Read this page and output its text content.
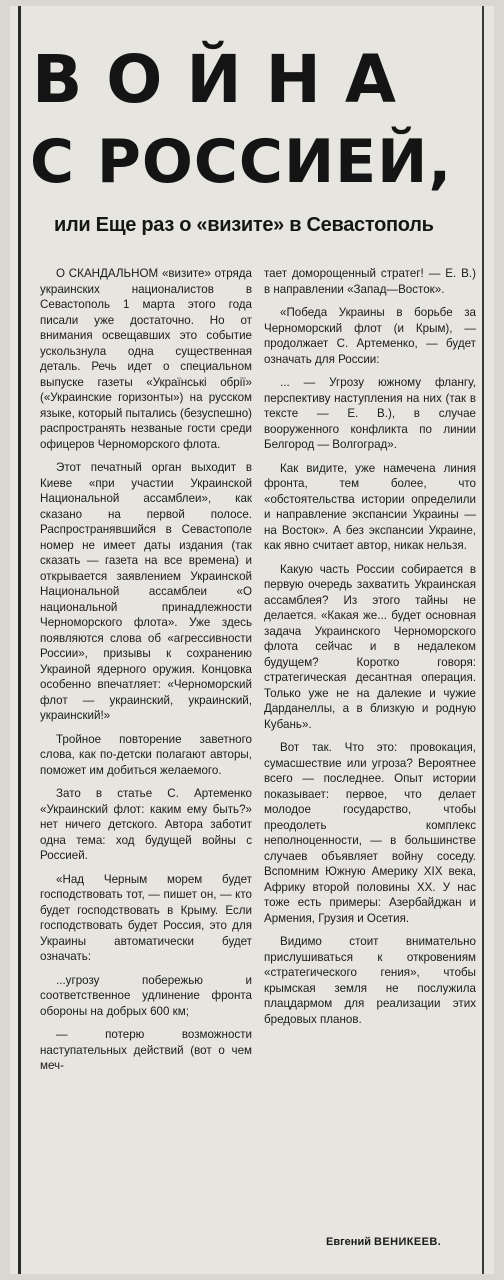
ВОЙНА
С РОССИЕЙ,
или Еще раз о «визите» в Севастополь

О СКАНДАЛЬНОМ «визите» отряда украинских националистов в Севастополь 1 марта этого года писали уже достаточно. Но от внимания освещавших это событие ускользнула одна существенная деталь. Речь идет о специальном выпуске газеты «Українські обрії» («Украинские горизонты») на русском языке, который пытались (безуспешно) распространять незваные гости среди офицеров Черноморского флота.

Этот печатный орган выходит в Киеве «при участии Украинской Национальной ассамблеи», как сказано на первой полосе. Распространявшийся в Севастополе номер не имеет даты издания (так сказать — газета на все времена) и открывается заявлением Украинской Национальной ассамблеи «О национальной принадлежности Черноморского флота». Уже здесь появляются слова об «агрессивности России», призывы к сохранению Украиной ядерного оружия. Концовка особенно впечатляет: «Черноморский флот — украинский, украинский, украинский!»

Тройное повторение заветного слова, как по-детски полагают авторы, поможет им добиться желаемого.

Зато в статье С. Артеменко «Украинский флот: каким ему быть?» нет ничего детского. Автора заботит одна тема: ход будущей войны с Россией.

«Над Черным морем будет господствовать тот, — пишет он, — кто будет господствовать в Крыму. Если господствовать будет Россия, это для Украины автоматически будет означать:

...угрозу побережью и соответственное удлинение фронта обороны на добрых 600 км;

— потерю возможности наступательных действий (вот о чем меч-

тает доморощенный стратег! — Е. В.) в направлении «Запад—Восток».

«Победа Украины в борьбе за Черноморский флот (и Крым), — продолжает С. Артеменко, — будет означать для России:

... — Угрозу южному флангу, перспективу наступления на них (так в тексте — Е. В.), в случае вооруженного конфликта по линии Белгород — Волгоград».

Как видите, уже намечена линия фронта, тем более, что «обстоятельства истории определили и направление экспансии Украины — на Восток». А без экспансии Украине, как явно считает автор, никак нельзя.

Какую часть России собирается в первую очередь захватить Украинская ассамблея? Из этого тайны не делается. «Какая же... будет основная задача Украинского Черноморского флота сейчас и в недалеком будущем? Коротко говоря: стратегическая десантная операция. Только уже не на далекие и чужие Дарданеллы, а в близкую и родную Кубань».

Вот так. Что это: провокация, сумасшествие или угроза? Вероятнее всего — последнее. Опыт истории показывает: первое, что делает молодое государство, чтобы преодолеть комплекс неполноценности, — в большинстве случаев объявляет войну соседу. Вспомним Южную Америку XIX века, Африку второй половины XX. У нас тоже есть примеры: Азербайджан и Армения, Грузия и Осетия.

Видимо стоит внимательно прислушиваться к откровениям «стратегического гения», чтобы крымская земля не послужила плацдармом для реализации этих бредовых планов.

Евгений ВЕНИКЕЕВ.
